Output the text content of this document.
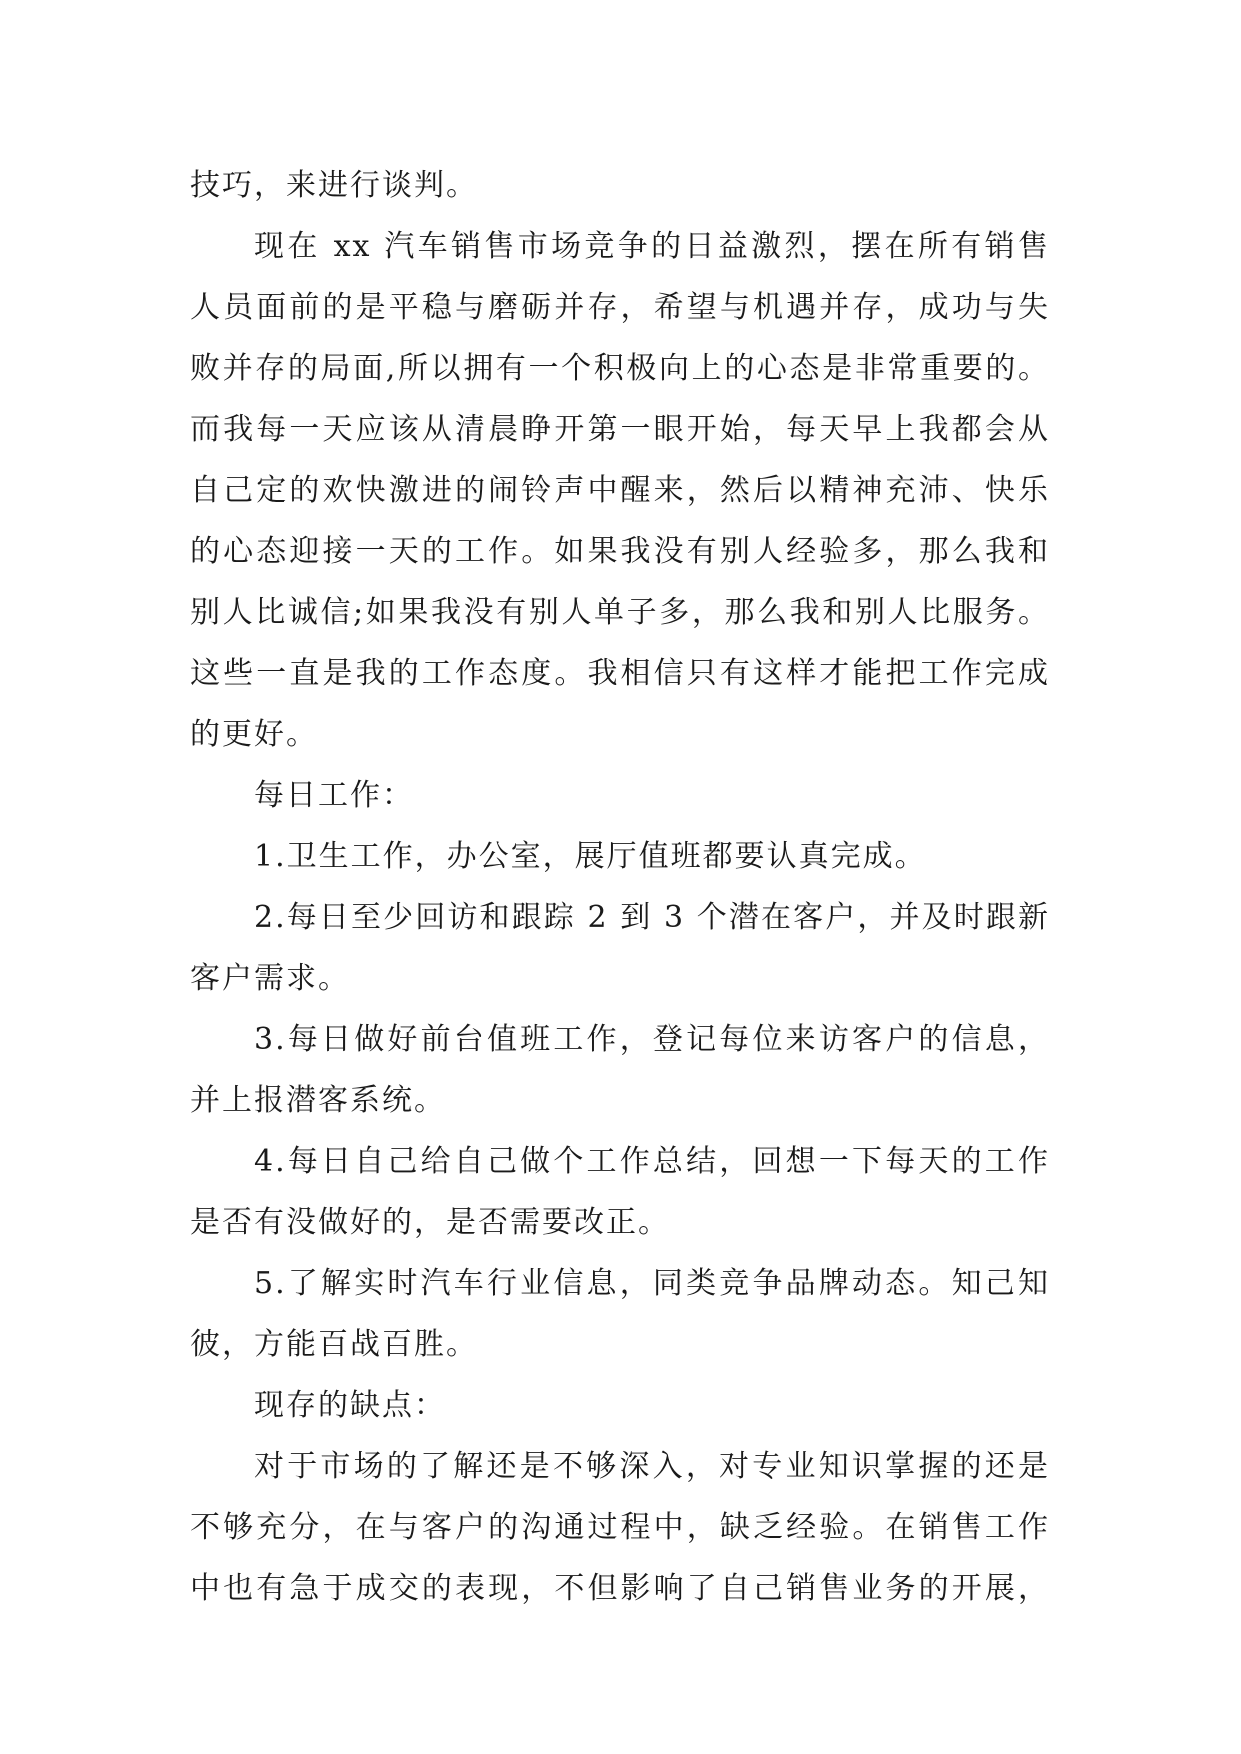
技巧，来进行谈判。
现在 xx 汽车销售市场竞争的日益激烈，摆在所有销售
人员面前的是平稳与磨砺并存，希望与机遇并存，成功与失
败并存的局面,所以拥有一个积极向上的心态是非常重要的。
而我每一天应该从清晨睁开第一眼开始，每天早上我都会从
自己定的欢快激进的闹铃声中醒来，然后以精神充沛、快乐
的心态迎接一天的工作。如果我没有别人经验多，那么我和
别人比诚信;如果我没有别人单子多，那么我和别人比服务。
这些一直是我的工作态度。我相信只有这样才能把工作完成
的更好。
每日工作：
1.卫生工作，办公室，展厅值班都要认真完成。
2.每日至少回访和跟踪 2 到 3 个潜在客户，并及时跟新
客户需求。
3.每日做好前台值班工作，登记每位来访客户的信息，
并上报潜客系统。
4.每日自己给自己做个工作总结，回想一下每天的工作
是否有没做好的，是否需要改正。
5.了解实时汽车行业信息，同类竞争品牌动态。知己知
彼，方能百战百胜。
现存的缺点：
对于市场的了解还是不够深入，对专业知识掌握的还是
不够充分，在与客户的沟通过程中，缺乏经验。在销售工作
中也有急于成交的表现，不但影响了自己销售业务的开展，
